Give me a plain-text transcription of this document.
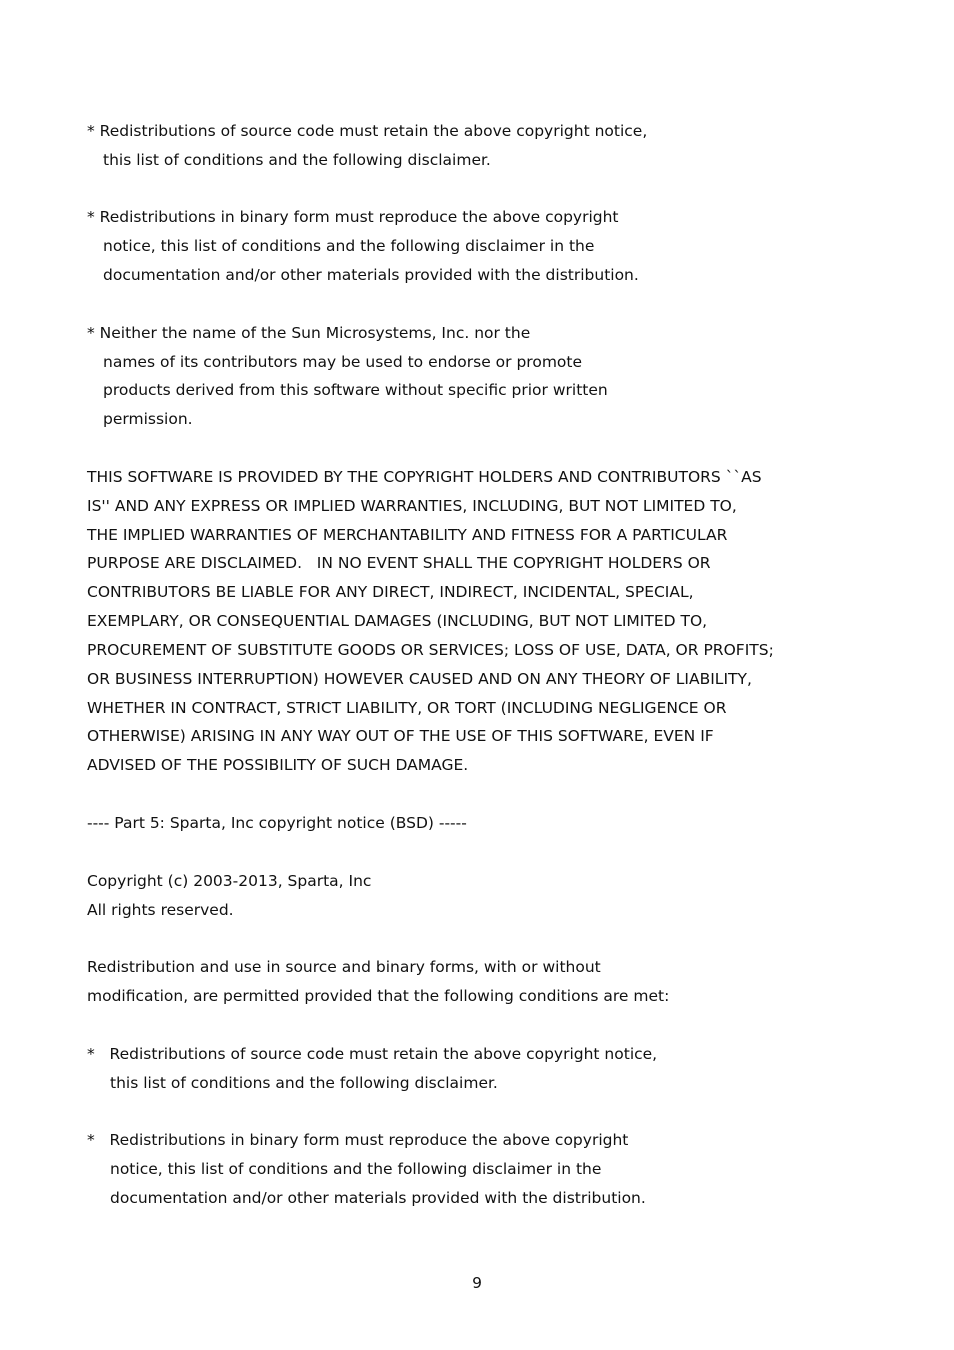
* Redistributions of source code must retain the above copyright notice,
this list of conditions and the following disclaimer.
* Redistributions in binary form must reproduce the above copyright
notice, this list of conditions and the following disclaimer in the
documentation and/or other materials provided with the distribution.
* Neither the name of the Sun Microsystems, Inc. nor the
names of its contributors may be used to endorse or promote
products derived from this software without specific prior written
permission.
THIS SOFTWARE IS PROVIDED BY THE COPYRIGHT HOLDERS AND CONTRIBUTORS ``AS
IS'' AND ANY EXPRESS OR IMPLIED WARRANTIES, INCLUDING, BUT NOT LIMITED TO,
THE IMPLIED WARRANTIES OF MERCHANTABILITY AND FITNESS FOR A PARTICULAR
PURPOSE ARE DISCLAIMED.   IN NO EVENT SHALL THE COPYRIGHT HOLDERS OR
CONTRIBUTORS BE LIABLE FOR ANY DIRECT, INDIRECT, INCIDENTAL, SPECIAL,
EXEMPLARY, OR CONSEQUENTIAL DAMAGES (INCLUDING, BUT NOT LIMITED TO,
PROCUREMENT OF SUBSTITUTE GOODS OR SERVICES; LOSS OF USE, DATA, OR PROFITS;
OR BUSINESS INTERRUPTION) HOWEVER CAUSED AND ON ANY THEORY OF LIABILITY,
WHETHER IN CONTRACT, STRICT LIABILITY, OR TORT (INCLUDING NEGLIGENCE OR
OTHERWISE) ARISING IN ANY WAY OUT OF THE USE OF THIS SOFTWARE, EVEN IF
ADVISED OF THE POSSIBILITY OF SUCH DAMAGE.
---- Part 5: Sparta, Inc copyright notice (BSD) -----
Copyright (c) 2003-2013, Sparta, Inc
All rights reserved.
Redistribution and use in source and binary forms, with or without
modification, are permitted provided that the following conditions are met:
*   Redistributions of source code must retain the above copyright notice,
this list of conditions and the following disclaimer.
*   Redistributions in binary form must reproduce the above copyright
notice, this list of conditions and the following disclaimer in the
documentation and/or other materials provided with the distribution.
9
